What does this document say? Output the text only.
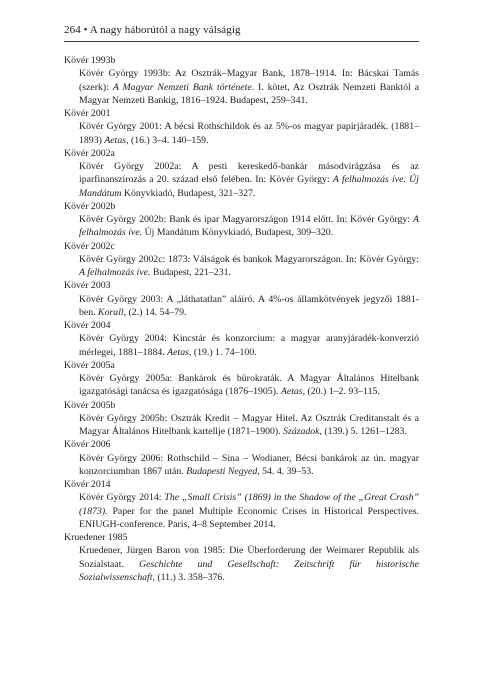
264 • A nagy háborútól a nagy válságig

Kövér 1993b

Kövér György 1993b: Az Osztrák–Magyar Bank, 1878–1914. In: Bácskai Tamás (szerk): A Magyar Nemzeti Bank története. I. kötet, Az Osztrák Nemzeti Banktól a Magyar Nemzeti Bankig, 1816–1924. Budapest, 259–341.

Kövér 2001

Kövér György 2001: A bécsi Rothschildok és az 5%-os magyar papírjáradék. (1881–1893) Aetas, (16.) 3–4. 140–159.

Kövér 2002a

Kövér György 2002a: A pesti kereskedő-bankár másodvirágzása és az iparfinanszírozás a 20. század első felében. In: Kövér György: A felhalmozás íve. Új Mandátum Könyvkiadó, Budapest, 321–327.

Kövér 2002b

Kövér György 2002b: Bank és ipar Magyarországon 1914 előtt. In: Kövér György: A felhalmozás íve. Új Mandátum Könyvkiadó, Budapest, 309–320.

Kövér 2002c

Kövér György 2002c: 1873: Válságok és bankok Magyarországon. In: Kövér György: A felhalmozás íve. Budapest, 221–231.

Kövér 2003

Kövér György 2003: A „láthatatlan” aláíró. A 4%-os államkötvények jegyzői 1881-ben. Korall, (2.) 14. 54–79.

Kövér 2004

Kövér György 2004: Kincstár és konzorcium: a magyar aranyjáradék-konverzió mérlegei, 1881–1884. Aetas, (19.) 1. 74–100.

Kövér 2005a

Kövér György 2005a: Bankárok és bürokraták. A Magyar Általános Hitelbank igazgatósági tanácsa és igazgatósága (1876–1905). Aetas, (20.) 1–2. 93–115.

Kövér 2005b

Kövér György 2005b: Osztrák Kredit – Magyar Hitel. Az Osztrák Creditanstalt és a Magyar Általános Hitelbank kartellje (1871–1900). Századok, (139.) 5. 1261–1283.

Kövér 2006

Kövér György 2006: Rothschild – Sina – Wodianer, Bécsi bankárok az ún. magyar konzorciumban 1867 után. Budapesti Negyed, 54. 4. 39–53.

Kövér 2014

Kövér György 2014: The „Small Crisis” (1869) in the Shadow of the „Great Crash” (1873). Paper for the panel Multiple Economic Crises in Historical Perspectives. ENIUGH-conference. Paris, 4–8 September 2014.

Kruedener 1985

Kruedener, Jürgen Baron von 1985: Die Überforderung der Weimarer Republik als Sozialstaat. Geschichte und Gesellschaft: Zeitschrift für historische Sozialwissenschaft, (11.) 3. 358–376.
